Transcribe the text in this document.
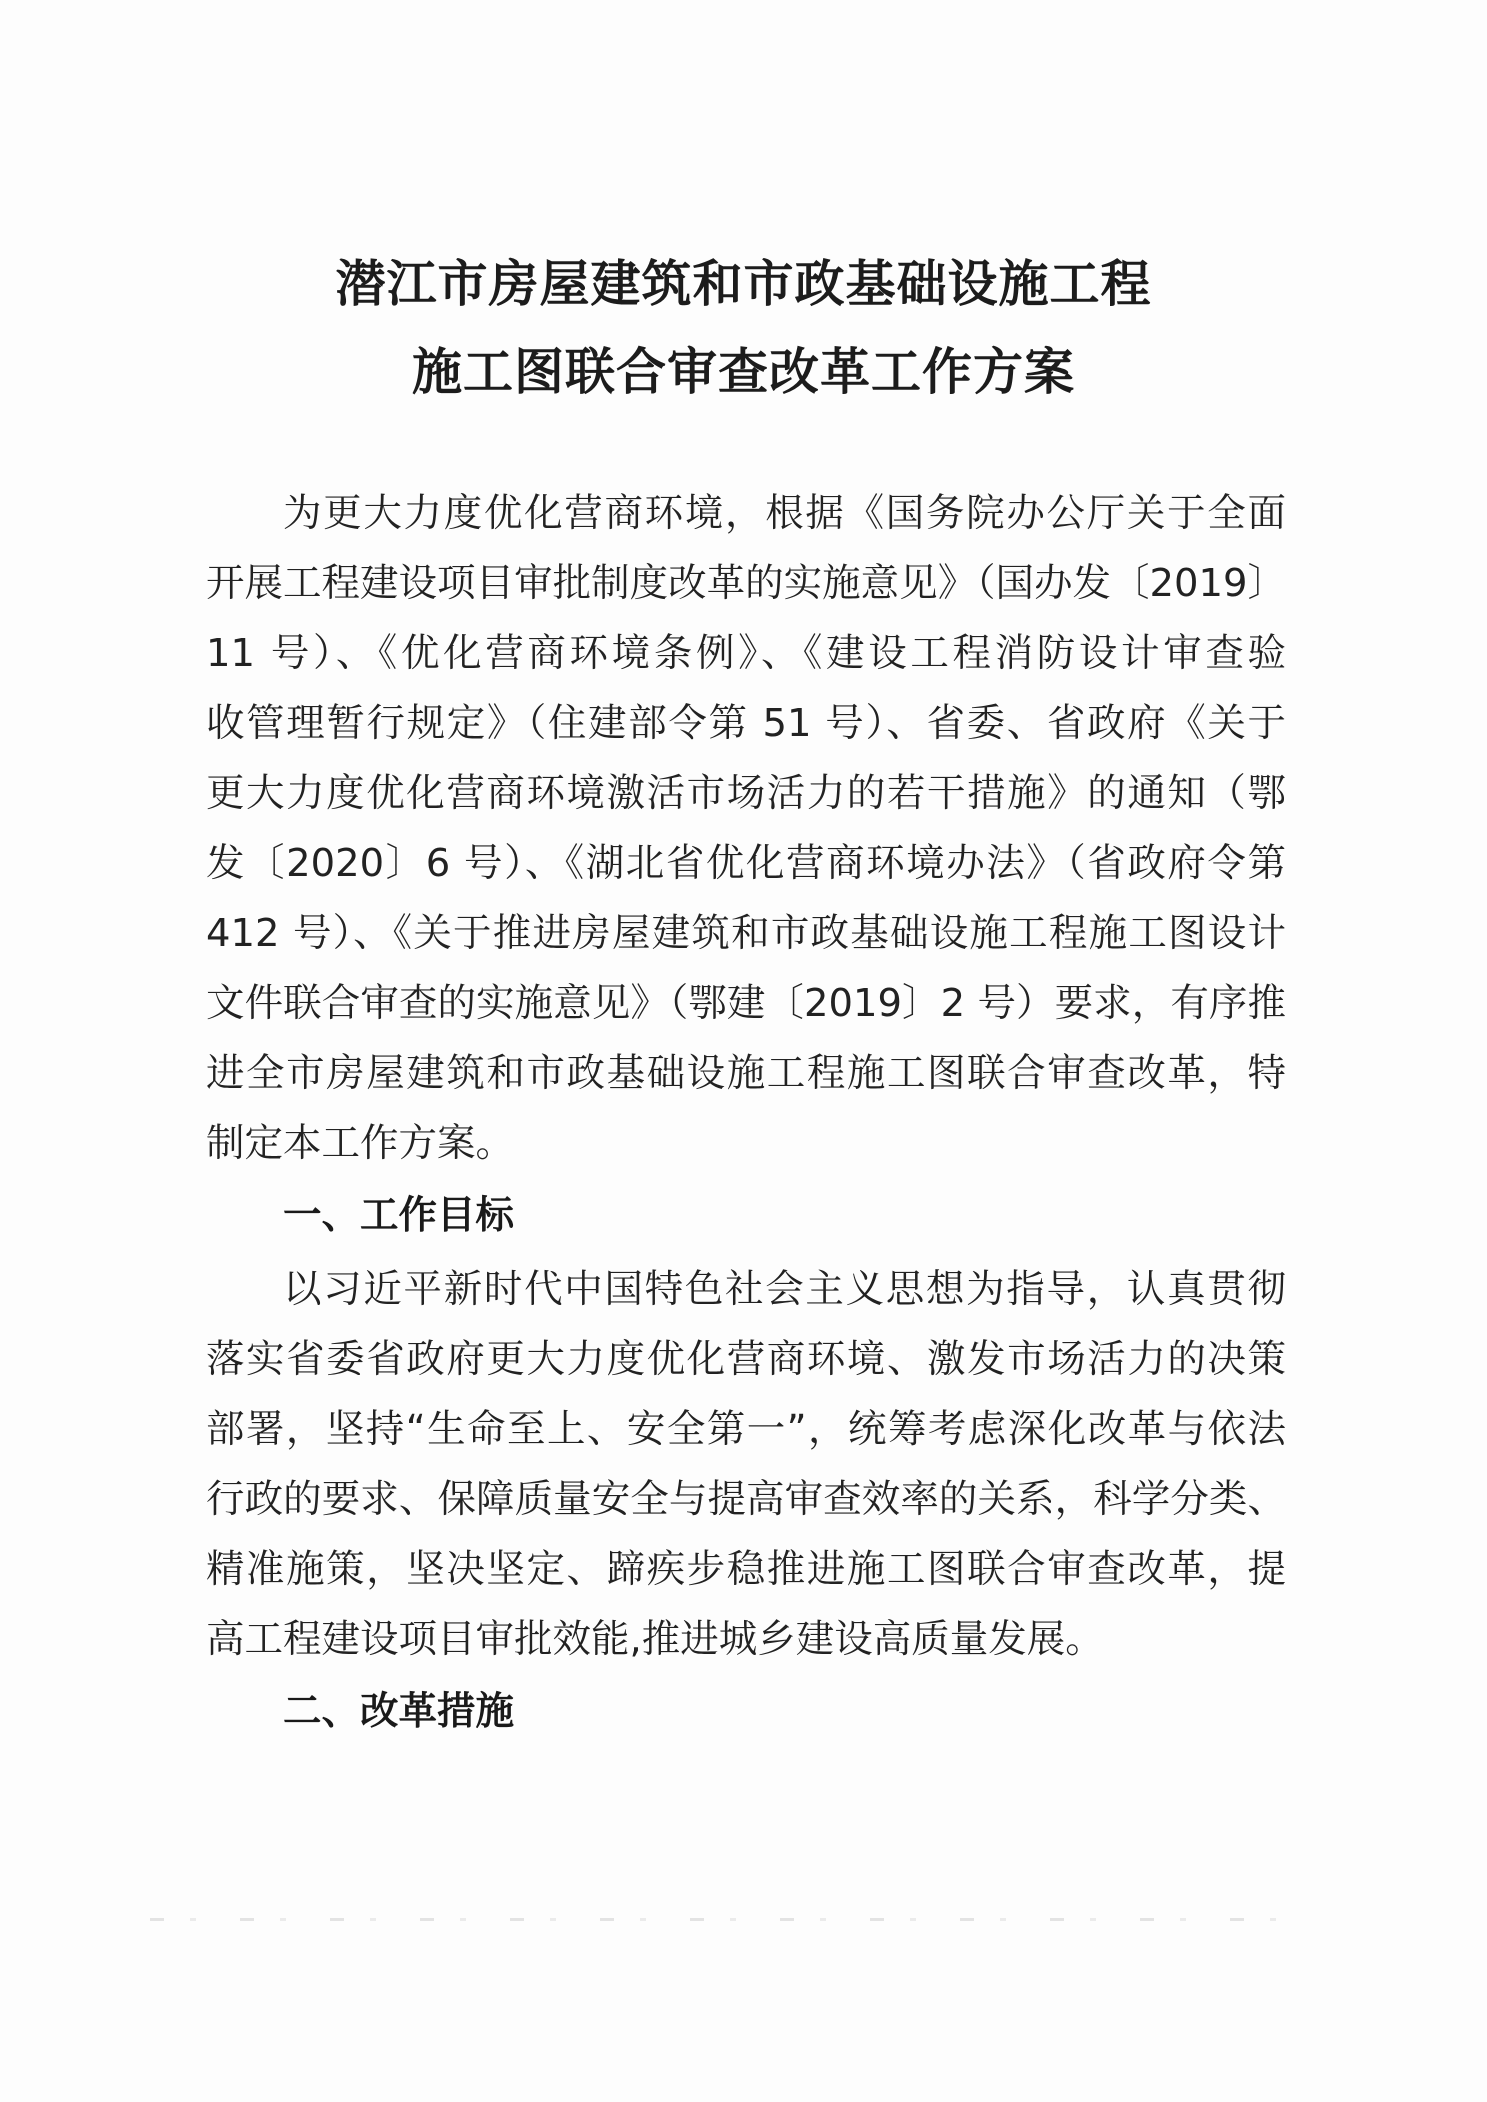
潜江市房屋建筑和市政基础设施工程
施工图联合审查改革工作方案
为更大力度优化营商环境，根据《国务院办公厅关于全面
开展工程建设项目审批制度改革的实施意见》（国办发〔2019〕
11 号）、《优化营商环境条例》、《建设工程消防设计审查验
收管理暂行规定》（住建部令第 51 号）、省委、省政府《关于
更大力度优化营商环境激活市场活力的若干措施》的通知（鄂
发〔2020〕6 号）、《湖北省优化营商环境办法》（省政府令第
412 号）、《关于推进房屋建筑和市政基础设施工程施工图设计
文件联合审查的实施意见》（鄂建〔2019〕2 号）要求，有序推
进全市房屋建筑和市政基础设施工程施工图联合审查改革，特
制定本工作方案。
一、工作目标
以习近平新时代中国特色社会主义思想为指导，认真贯彻
落实省委省政府更大力度优化营商环境、激发市场活力的决策
部署，坚持“生命至上、安全第一”，统筹考虑深化改革与依法
行政的要求、保障质量安全与提高审查效率的关系，科学分类、
精准施策，坚决坚定、蹄疾步稳推进施工图联合审查改革，提
高工程建设项目审批效能,推进城乡建设高质量发展。
二、改革措施
